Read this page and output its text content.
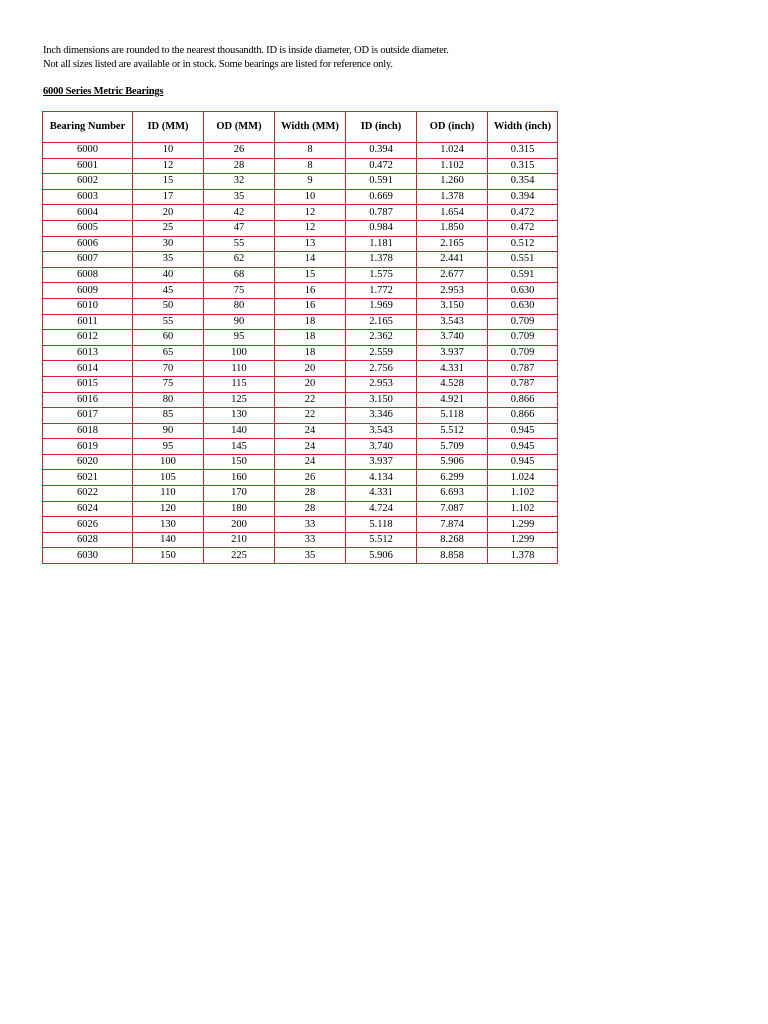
Inch dimensions are rounded to the nearest thousandth. ID is inside diameter, OD is outside diameter.
Not all sizes listed are available or in stock. Some bearings are listed for reference only.
6000 Series Metric Bearings
Bearing Number	ID (MM)	OD (MM)	Width (MM)	ID (inch)	OD (inch)	Width (inch)
6000	10	26	8	0.394	1.024	0.315
6001	12	28	8	0.472	1.102	0.315
6002	15	32	9	0.591	1.260	0.354
6003	17	35	10	0.669	1.378	0.394
6004	20	42	12	0.787	1.654	0.472
6005	25	47	12	0.984	1.850	0.472
6006	30	55	13	1.181	2.165	0.512
6007	35	62	14	1.378	2.441	0.551
6008	40	68	15	1.575	2.677	0.591
6009	45	75	16	1.772	2.953	0.630
6010	50	80	16	1.969	3.150	0.630
6011	55	90	18	2.165	3.543	0.709
6012	60	95	18	2.362	3.740	0.709
6013	65	100	18	2.559	3.937	0.709
6014	70	110	20	2.756	4.331	0.787
6015	75	115	20	2.953	4.528	0.787
6016	80	125	22	3.150	4.921	0.866
6017	85	130	22	3.346	5.118	0.866
6018	90	140	24	3.543	5.512	0.945
6019	95	145	24	3.740	5.709	0.945
6020	100	150	24	3.937	5.906	0.945
6021	105	160	26	4.134	6.299	1.024
6022	110	170	28	4.331	6.693	1.102
6024	120	180	28	4.724	7.087	1.102
6026	130	200	33	5.118	7.874	1.299
6028	140	210	33	5.512	8.268	1.299
6030	150	225	35	5.906	8.858	1.378
